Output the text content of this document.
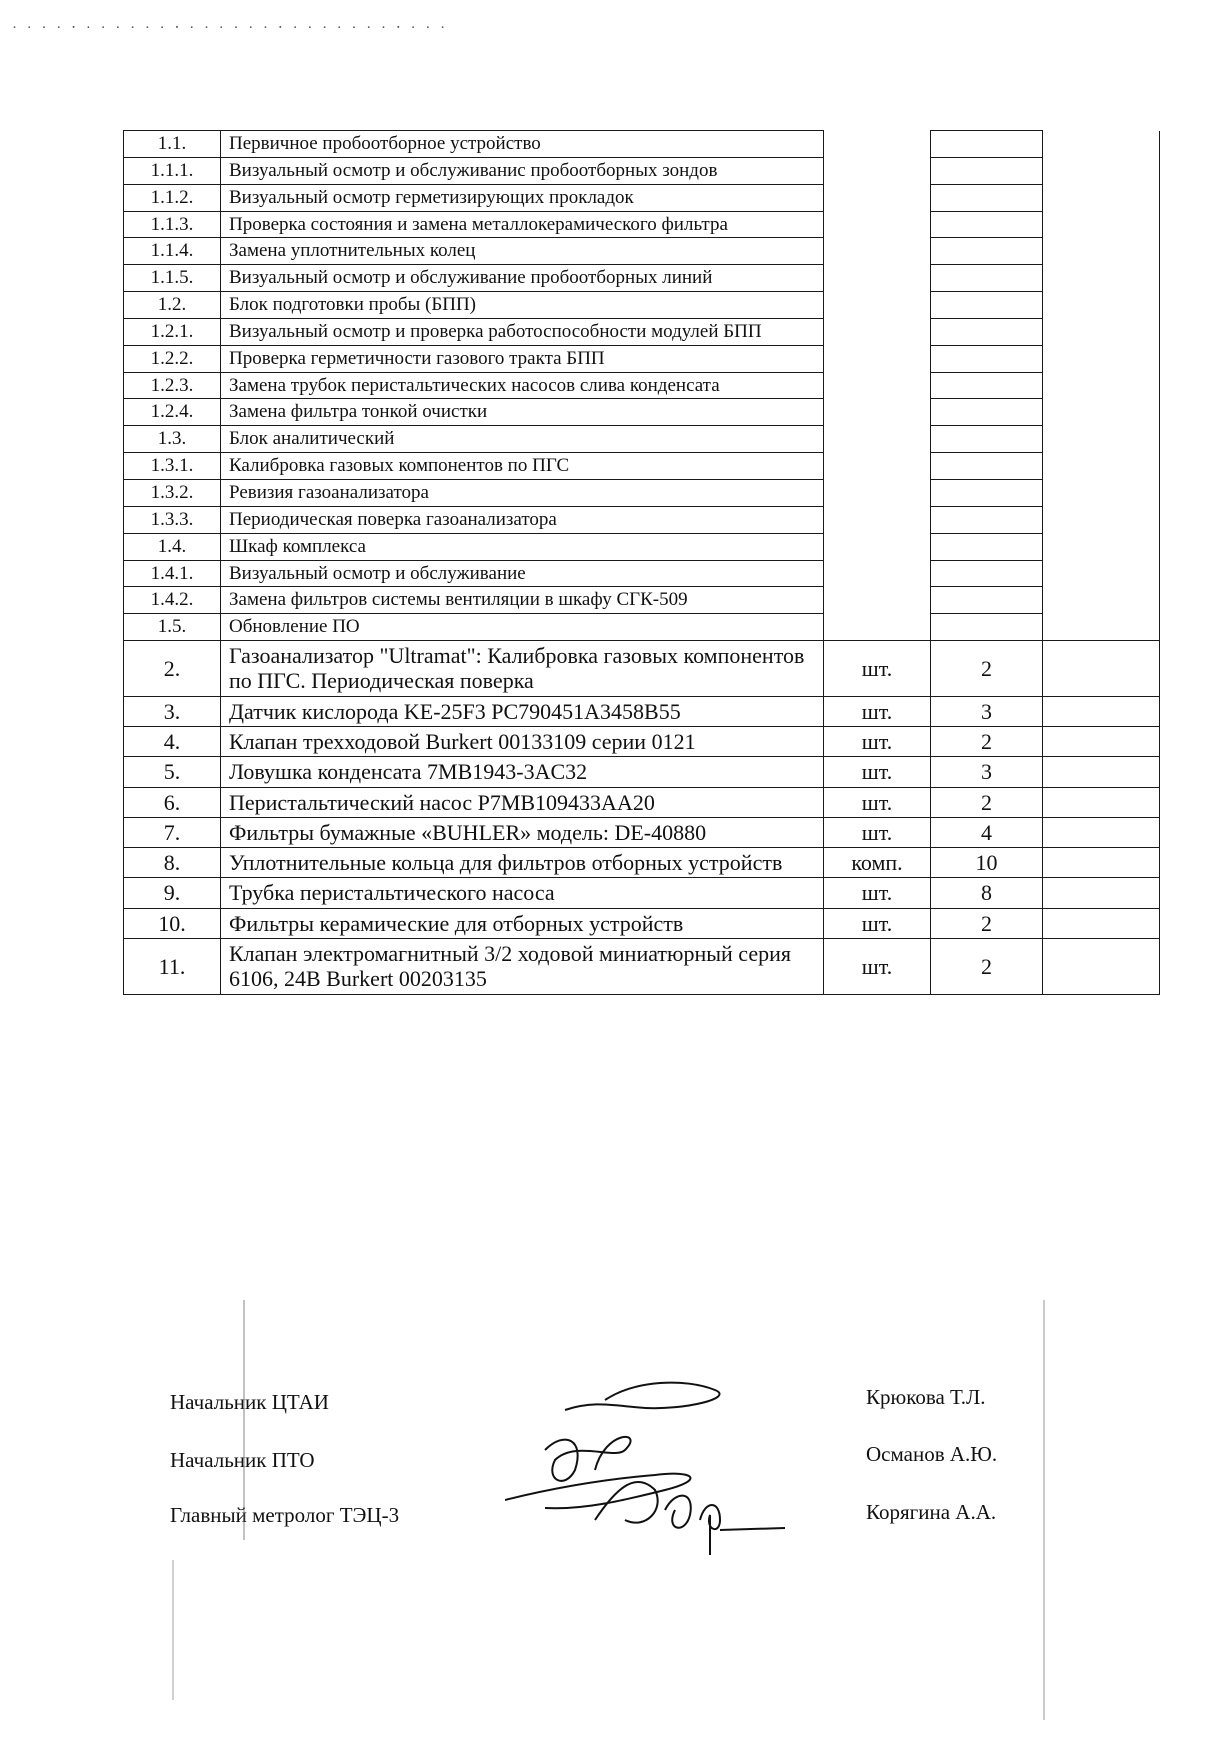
· · · · ⋅ · · · · · · ⋅ · · · · · · ⋅ · · · · · · · ⋅ · · ·
1.1.	Первичное пробоотборное устройство			
1.1.1.	Визуальный осмотр и обслуживанис пробоотборных зондов			
1.1.2.	Визуальный осмотр герметизирующих прокладок			
1.1.3.	Проверка состояния и замена металлокерамического фильтра			
1.1.4.	Замена уплотнительных колец			
1.1.5.	Визуальный осмотр и обслуживание пробоотборных линий			
1.2.	Блок подготовки пробы (БПП)			
1.2.1.	Визуальный осмотр и проверка работоспособности модулей БПП			
1.2.2.	Проверка герметичности газового тракта БПП			
1.2.3.	Замена трубок перистальтических насосов слива конденсата			
1.2.4.	Замена фильтра тонкой очистки			
1.3.	Блок аналитический			
1.3.1.	Калибровка газовых компонентов по ПГС			
1.3.2.	Ревизия газоанализатора			
1.3.3.	Периодическая поверка газоанализатора			
1.4.	Шкаф комплекса			
1.4.1.	Визуальный осмотр и обслуживание			
1.4.2.	Замена фильтров системы вентиляции в шкафу СГК-509			
1.5.	Обновление ПО			
2.	Газоанализатор "Ultramat": Калибровка газовых компонентов по ПГС. Периодическая поверка	шт.	2	
3.	Датчик кислорода KE-25F3 PC790451A3458B55	шт.	3	
4.	Клапан трехходовой Burkert 00133109 серии 0121	шт.	2	
5.	Ловушка конденсата 7MB1943-3AC32	шт.	3	
6.	Перистальтический насос P7MB109433AA20	шт.	2	
7.	Фильтры бумажные «BUHLER» модель: DE-40880	шт.	4	
8.	Уплотнительные кольца для фильтров отборных устройств	комп.	10	
9.	Трубка перистальтического насоса	шт.	8	
10.	Фильтры керамические для отборных устройств	шт.	2	
11.	Клапан электромагнитный 3/2 ходовой миниатюрный серия 6106, 24В Burkert 00203135	шт.	2	
Начальник ЦТАИ
Начальник ПТО
Главный метролог ТЭЦ-3
Крюкова Т.Л.
Османов А.Ю.
Корягина А.А.
